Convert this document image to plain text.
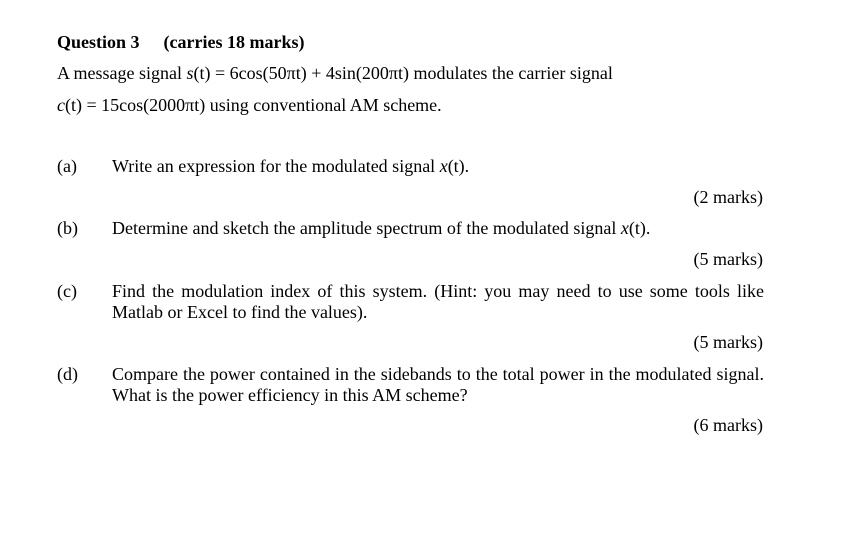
Question 3 (carries 18 marks)
A message signal s(t) = 6cos(50πt) + 4sin(200πt) modulates the carrier signal
c(t) = 15cos(2000πt) using conventional AM scheme.
(a) Write an expression for the modulated signal x(t).
(2 marks)
(b) Determine and sketch the amplitude spectrum of the modulated signal x(t).
(5 marks)
(c) Find the modulation index of this system. (Hint: you may need to use some tools like Matlab or Excel to find the values).
(5 marks)
(d) Compare the power contained in the sidebands to the total power in the modulated signal. What is the power efficiency in this AM scheme?
(6 marks)
